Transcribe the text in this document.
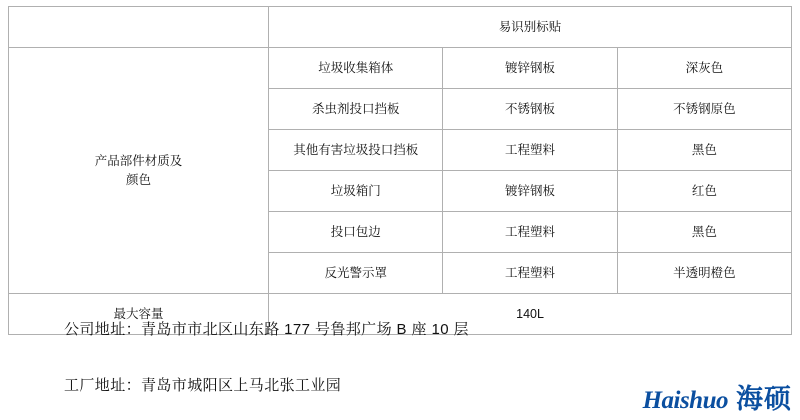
	易识别标贴		

产品部件材质及
颜色	垃圾收集箱体	镀锌钢板	深灰色
	杀虫剂投口挡板	不锈钢板	不锈钢原色
	其他有害垃圾投口挡板	工程塑料	黑色
	垃圾箱门	镀锌钢板	红色
	投口包边	工程塑料	黑色
	反光警示罩	工程塑料	半透明橙色
最大容量	140L		
公司地址：青岛市市北区山东路 177 号鲁邦广场 B 座 10 层
工厂地址：青岛市城阳区上马北张工业园
Haishuo 海硕
